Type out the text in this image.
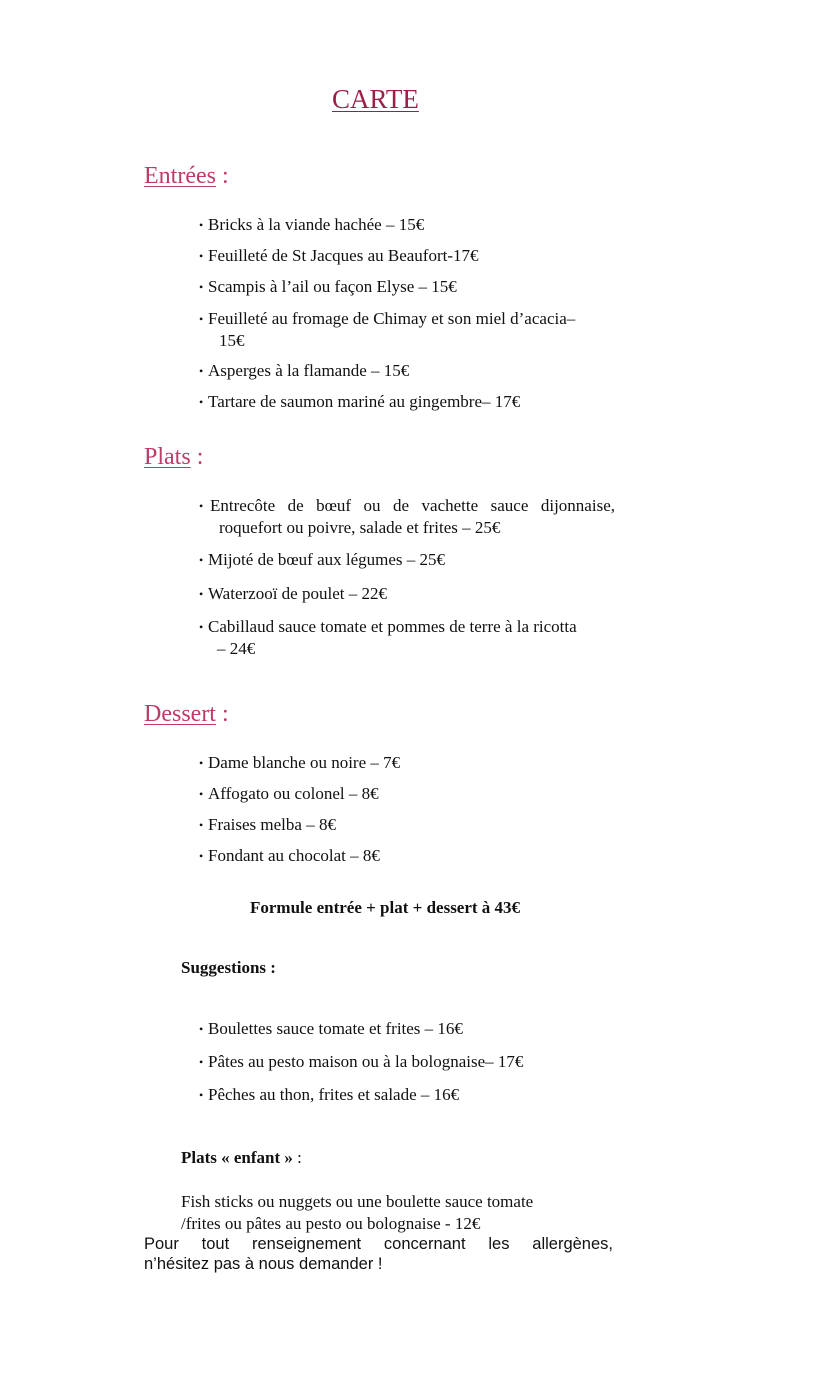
CARTE
Entrées :
• Bricks à la viande hachée – 15€
• Feuilleté de St Jacques au Beaufort-17€
• Scampis à l’ail ou façon Elyse – 15€
• Feuilleté au fromage de Chimay et son miel d’acacia–
15€
• Asperges à la flamande – 15€
• Tartare de saumon mariné au gingembre– 17€
Plats :
• Entrecôte de bœuf ou de vachette sauce dijonnaise,
roquefort ou poivre, salade et frites – 25€
• Mijoté de bœuf aux légumes – 25€
• Waterzooï de poulet – 22€
• Cabillaud sauce tomate et pommes de terre à la ricotta
– 24€
Dessert :
• Dame blanche ou noire – 7€
• Affogato ou colonel – 8€
• Fraises melba – 8€
• Fondant au chocolat – 8€
Formule entrée + plat + dessert à 43€
Suggestions :
• Boulettes sauce tomate et frites – 16€
• Pâtes au pesto maison ou à la bolognaise– 17€
• Pêches au thon, frites et salade – 16€
Plats « enfant » :
Fish sticks ou nuggets ou une boulette sauce tomate
/frites ou pâtes au pesto ou bolognaise - 12€
Pour tout renseignement concernant les allergènes,
n’hésitez pas à nous demander !
